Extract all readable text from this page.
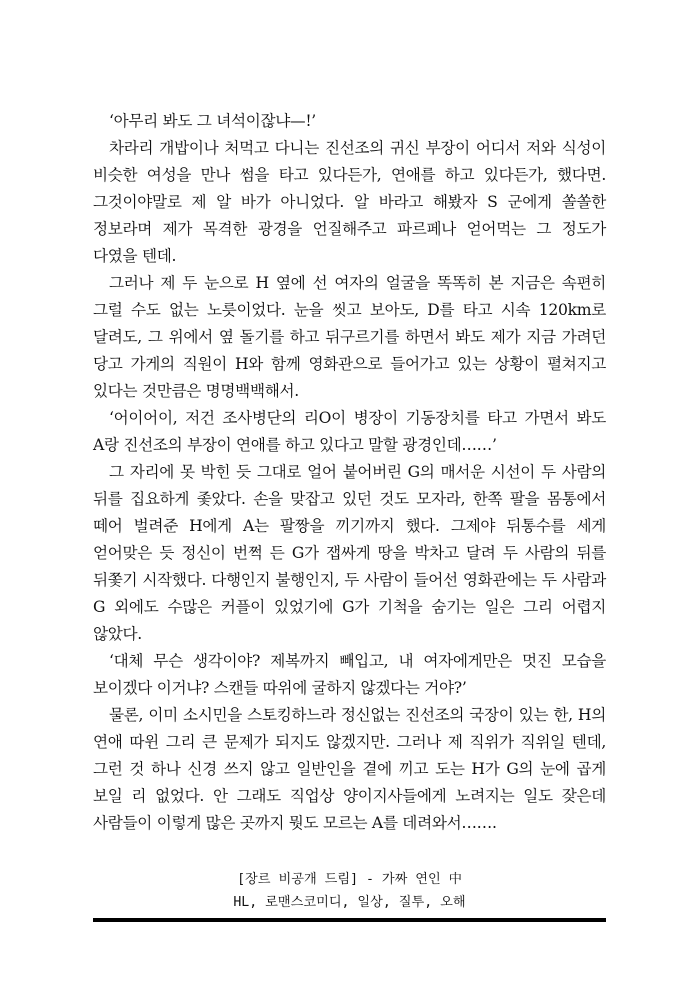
‘아무리 봐도 그 녀석이잖냐—!’

차라리 개밥이나 처먹고 다니는 진선조의 귀신 부장이 어디서 저와 식성이 비슷한 여성을 만나 썸을 타고 있다든가, 연애를 하고 있다든가, 했다면. 그것이야말로 제 알 바가 아니었다. 알 바라고 해봤자 S 군에게 쏠쏠한 정보라며 제가 목격한 광경을 언질해주고 파르페나 얻어먹는 그 정도가 다였을 텐데.

그러나 제 두 눈으로 H 옆에 선 여자의 얼굴을 똑똑히 본 지금은 속편히 그럴 수도 없는 노릇이었다. 눈을 씻고 보아도, D를 타고 시속 120km로 달려도, 그 위에서 옆 돌기를 하고 뒤구르기를 하면서 봐도 제가 지금 가려던 당고 가게의 직원이 H와 함께 영화관으로 들어가고 있는 상황이 펼쳐지고 있다는 것만큼은 명명백백해서.

‘어이어이, 저건 조사병단의 리O이 병장이 기동장치를 타고 가면서 봐도 A랑 진선조의 부장이 연애를 하고 있다고 말할 광경인데……’

그 자리에 못 박힌 듯 그대로 얼어 붙어버린 G의 매서운 시선이 두 사람의 뒤를 집요하게 좇았다. 손을 맞잡고 있던 것도 모자라, 한쪽 팔을 몸통에서 떼어 벌려준 H에게 A는 팔짱을 끼기까지 했다. 그제야 뒤통수를 세게 얻어맞은 듯 정신이 번쩍 든 G가 잽싸게 땅을 박차고 달려 두 사람의 뒤를 뒤쫓기 시작했다. 다행인지 불행인지, 두 사람이 들어선 영화관에는 두 사람과 G 외에도 수많은 커플이 있었기에 G가 기척을 숨기는 일은 그리 어렵지 않았다.

‘대체 무슨 생각이야? 제복까지 빼입고, 내 여자에게만은 멋진 모습을 보이겠다 이거냐? 스캔들 따위에 굴하지 않겠다는 거야?’

물론, 이미 소시민을 스토킹하느라 정신없는 진선조의 국장이 있는 한, H의 연애 따윈 그리 큰 문제가 되지도 않겠지만. 그러나 제 직위가 직위일 텐데, 그런 것 하나 신경 쓰지 않고 일반인을 곁에 끼고 도는 H가 G의 눈에 곱게 보일 리 없었다. 안 그래도 직업상 양이지사들에게 노려지는 일도 잦은데 사람들이 이렇게 많은 곳까지 뭣도 모르는 A를 데려와서…….

[장르 비공개 드림] - 가짜 연인 中
HL, 로맨스코미디, 일상, 질투, 오해
